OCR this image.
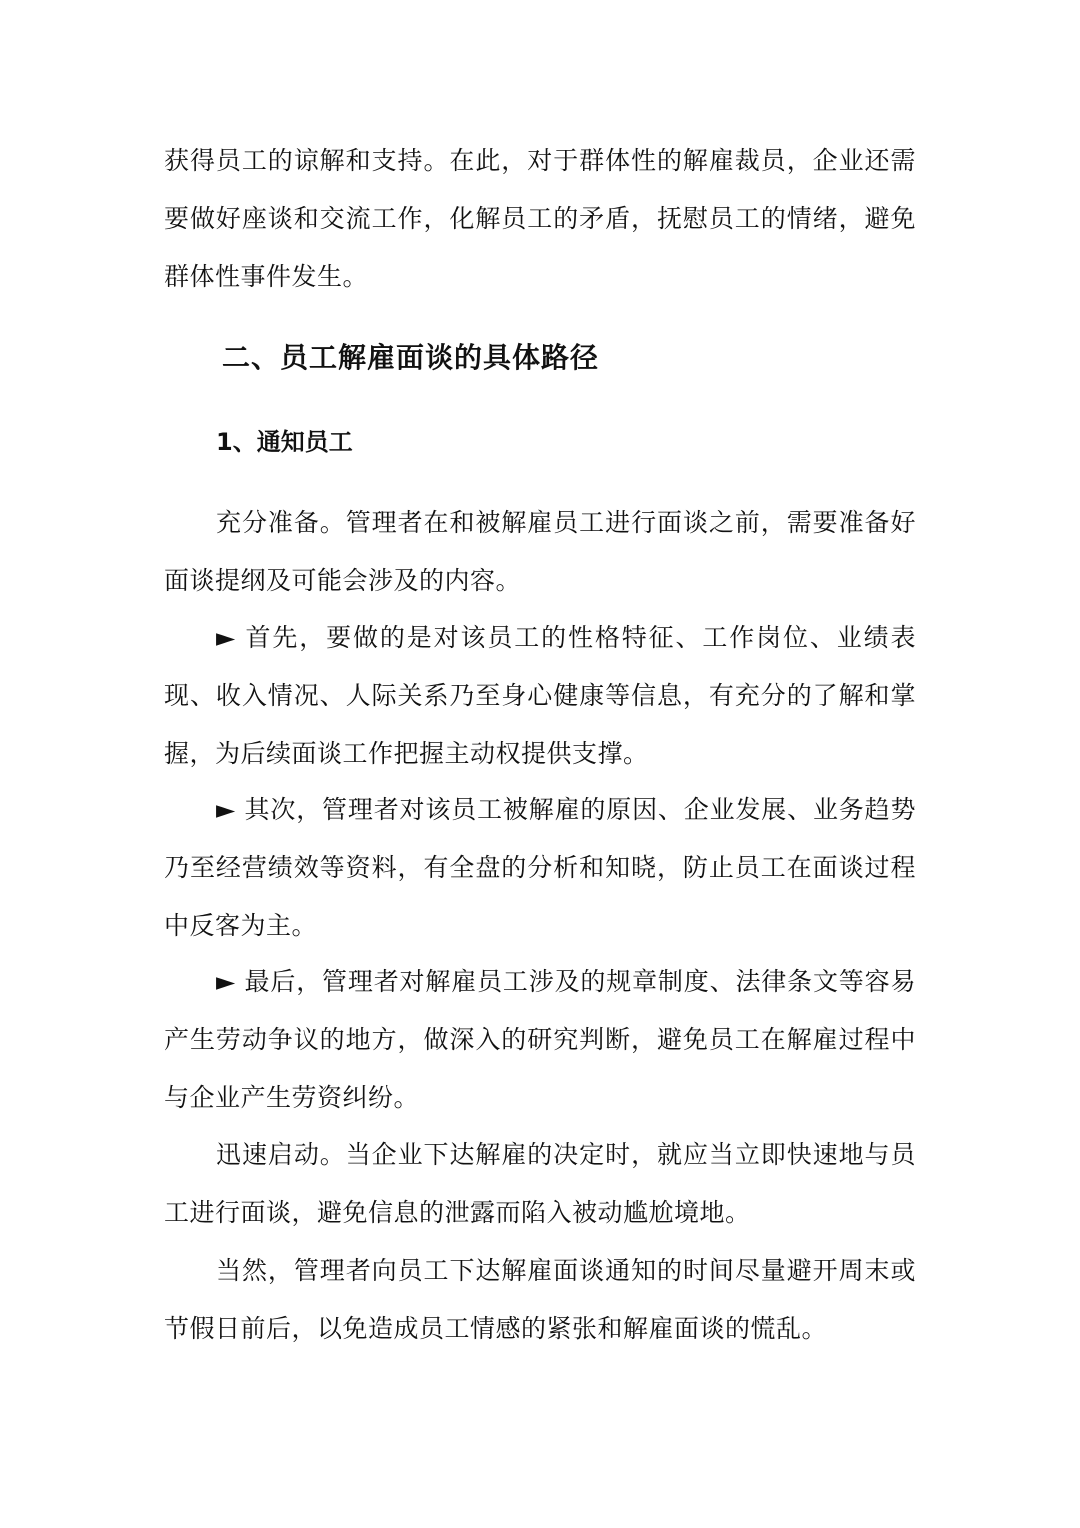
获得员工的谅解和支持。在此，对于群体性的解雇裁员，企业还需要做好座谈和交流工作，化解员工的矛盾，抚慰员工的情绪，避免群体性事件发生。

二、员工解雇面谈的具体路径
1、通知员工

充分准备。管理者在和被解雇员工进行面谈之前，需要准备好面谈提纲及可能会涉及的内容。

► 首先，要做的是对该员工的性格特征、工作岗位、业绩表现、收入情况、人际关系乃至身心健康等信息，有充分的了解和掌握，为后续面谈工作把握主动权提供支撑。

► 其次，管理者对该员工被解雇的原因、企业发展、业务趋势乃至经营绩效等资料，有全盘的分析和知晓，防止员工在面谈过程中反客为主。

► 最后，管理者对解雇员工涉及的规章制度、法律条文等容易产生劳动争议的地方，做深入的研究判断，避免员工在解雇过程中与企业产生劳资纠纷。

迅速启动。当企业下达解雇的决定时，就应当立即快速地与员工进行面谈，避免信息的泄露而陷入被动尴尬境地。

当然，管理者向员工下达解雇面谈通知的时间尽量避开周末或节假日前后，以免造成员工情感的紧张和解雇面谈的慌乱。
